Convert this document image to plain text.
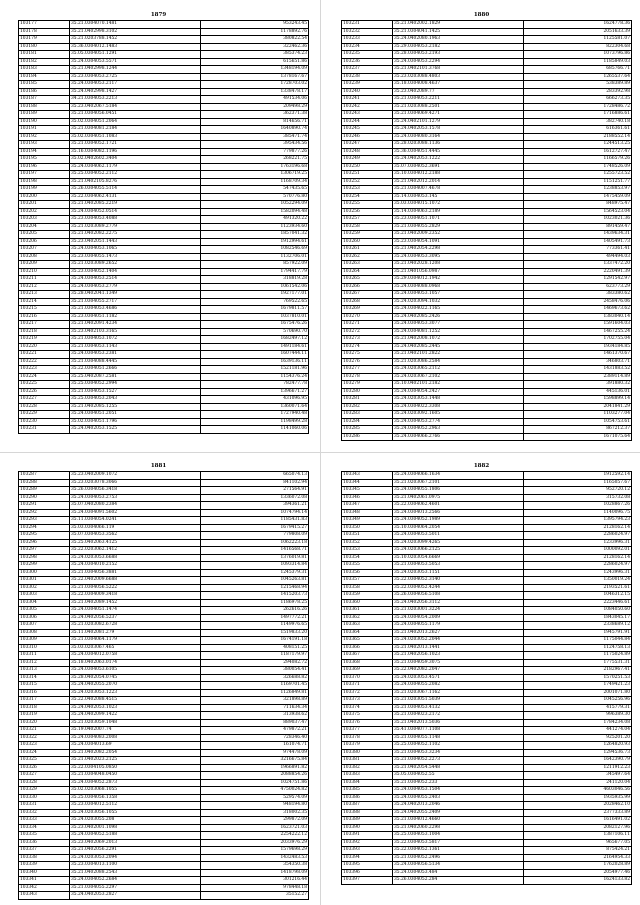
1879
103177	35.21.0304070.1481	953243.45
103178	35.21.0402998.3102	1178892.76
103179	35.21.0203788.1452	380822.54
103180	35.36.0304012.1483	322462.36
103181	35.05.0304051.1291	385374.23
103182	35.24.0304053.5571	615651.86
103183	35.21.0402998.1244	1348194.09
103184	35.23.0304053.2725	1378167.67
103185	35.24.0304053.2117	1728703.02
103186	35.24.0402998.1427	1338478.17
103187	34.21.0304053.2213	491534.06
103188	35.23.0402067.5184	209498.29
103189	35.21.0304056.0451	362371.38
103190	35.02.0304051.2064	814656.71
103191	35.21.0304081.2184	1640890.74
103192	35.02.0304051.1083	385471.74
103193	35.21.0304052.1721	395434.56
103194	35.16.0304082.1196	779877.26
103195	35.02.0402602.3404	268221.75
103196	35.24.0304062.1179	1763196.68
103197	35.25.0304052.2112	1306719.25
103198	35.21.0402105.8276	1168709.34
103199	35.26.0304055.5114	547435.65
103200	35.22.0304062.4131	570776.80
103201	35.21.0402085.2219	1052294.09
103202	35.24.0304052.0514	1582094.48
103203	35.23.0304053.4088	491320.22
103204	35.21.0203089.2779	1123934.60
103205	35.21.0402082.2275	1857041.32
103206	35.23.0402051.1443	1912994.61
103207	35.24.0304053.1065	1082546.69
103208	35.23.0304055.1473	1132706.01
103209	35.21.0203089.2652	857922.09
103210	35.23.0304052.1404	1794417.79
103211	35.24.0304053.2514	318819.28
103212	35.24.0304053.2779	1061542.06
103213	35.28.0402041.1349	1927177.01
103214	35.21.0304055.2717	769522.65
103215	35.21.0304053.4686	1679811.57
103216	35.23.0304051.1182	1037810.01
103217	35.21.0402091.4234	1675476.26
103218	35.23.0402103.3165	570690.70
103219	35.21.0304053.1072	1682497.12
103220	35.21.0304053.1143	1491184.61
103221	35.24.0304053.2381	1607444.11
103222	35.21.0304088.4445	1639136.11
103223	35.22.0304051.2666	1521181.96
103224	35.25.0402087.2581	1154376.24
103225	35.25.0304052.2994	782477.78
103226	35.21.0304053.1527	1396671.27
103227	35.25.0304053.2043	431096.95
103228	35.21.0402085.1255	1360071.64
103229	35.24.0304051.2051	1727940.48
103230	35.02.0304051.1796	1198499.28
103231	35.24.0402053.1525	1141060.06
1880
103231	35.21.0402002.1829	1624778.36
103232	35.21.0304041.1425	2051633.39
103233	35.24.0402080.1963	1125581.07
103234	35.29.0304053.2182	822304.68
103235	35.28.0304053.2193	1073796.86
103236	35.24.0304053.2294	1185849.03
103237	35.21.0402101.3768	685766.71
103238	35.23.0203088.4803	1265537.64
103239	35.18.0304008.4637	538389.89
103240	35.23.0402089.77	283392.98
103241	35.21.0304053.2211	666273.35
103242	35.21.0203088.2501	1728486.72
103243	35.21.0304069.4271	1716886.61
103244	35.24.0402101.1279	382740.18
103245	35.24.0402053.1578	616361.61
103246	35.24.0304080.3164	2188552.14
103247	35.28.0203088.1136	1244513.25
103248	35.36.0304051.4445	1612727.47
103249	35.24.0402053.1222	1166579.26
103250	35.07.0304052.3691	1748526.09
103251	35.10.0304012.2188	1255723.52
103252	35.21.0402012.2014	1151251.77
103253	35.21.0304007.4678	1238853.97
103254	35.14.0304053.145	1475459.09
103255	35.03.0304015.1072	848975.47
103256	35.14.0304063.2189	1564523.04
103257	35.23.0304051.1071	1023021.36
103258	35.21.0304055.2829	891459.47
103259	35.21.0402009.2352	1439634.31
103260	35.23.0304054.1091	1405491.73
103261	35.21.0402054.2298	773361.41
103262	35.24.0304053.3095	494494.03
103263	35.21.0402028.1208	1337472.20
103264	35.21.0401056.0987	2220491.39
103265	35.29.0304012.1942	1291542.97
103266	35.24.0304088.0968	623773.29
103267	35.24.0304053.1057	383380.62
103268	35.24.0203094.1032	2458476.06
103269	35.24.0304022.1165	1469673.62
103270	35.24.0402085.2426	1383040.14
103271	35.24.0304053.3077	1591604.03
103272	35.24.0304081.1252	1467255.24
103273	35.21.0402008.1072	1702755.04
103274	35.24.0402085.2445	1934184.85
103275	35.21.0402101.2822	1461370.67
103276	35.21.0203086.2584	346803.71
103277	35.24.0203065.2112	1431883.52
103278	35.24.0203067.2102	2389114.89
103279	35.10.0402101.2182	391880.32
103280	35.24.0304054.2427	445136.01
103281	35.24.0203053.1448	1598899.14
103282	35.24.0304022.3308	2041841.29
103283	35.24.0203092.1605	1103277.04
103284	35.24.0304053.2774	1054753.61
103285	35.24.0304052.2963	867212.37
103286	35.24.0304066.2766	1671075.64
1881
103287	35.23.0402009.1072	665074.13
103288	35.23.0203078.3066	841102.94
103289	35.26.0304056.3418	271564.91
103290	35.24.0304053.2753	1336072.08
103291	35.07.0402080.2384	394361.21
103292	35.24.0304091.5602	1074794.14
103293	35.11.0304054.0241	1185431.83
103294	35.03.0304066.119	1679415.27
103295	35.07.0304053.3562	779808.09
103296	35.25.0402063.4125	1062223.18
103297	35.22.0203062.1412	1416568.71
103298	35.24.0203053.6688	1376019.81
103299	35.24.0304010.2152	1093314.84
103300	35.21.0304056.3881	1245379.31
103301	35.22.0402009.6688	1045263.81
103302	35.21.0304056.5222	1215468.94
103303	35.22.0304009.3418	1415203.73
103304	35.21.0402089.1452	1186978.25
103305	35.24.0304051.1474	262616.26
103306	35.24.0402056.5237	1497772.21
103307	35.21.0203082.6728	1149976.65
103308	35.11.0402081.279	1519833.20
103309	35.21.0304064.1179	1674191.18
103310	35.03.0203067.465	408151.25
103311	35.24.0304012.0758	1187179.97
103312	35.18.0402063.0174	294082.72
103313	35.24.0304053.6105	380054.41
103314	35.28.0402054.0745	326688.82
103315	35.24.0402055.2070	1169701.45
103316	35.24.0203053.1223	1126849.81
103317	35.22.0402088.4515	321898.89
103318	35.24.0402053.1023	711634.34
103319	35.24.0402099.1422	313938.62
103320	35.21.0203059.1048	889037.47
103321	35.19.0402007.74	479872.21
103322	35.24.0304083.2008	728346.40
103323	35.24.0304013.69	161074.71
103324	35.21.0402082.2054	974478.09
103325	35.21.0402023.2125	3216675.84
103326	35.22.0304105.0850	1966891.82
103327	35.21.0304048.0450	2088854.26
103328	35.24.0304052.2873	1024751.86
103329	35.02.0203068.1055	4750024.82
103330	35.25.0304056.1358	529574.09
103331	35.23.0304012.5112	948194.80
103332	35.24.0203056.1055	318002.35
103333	35.24.0203055.208	299872.09
103334	35.23.0402001.1098	1623721.03
103335	35.24.0304052.5188	2254222.12
103336	35.23.0402069.2013	2033976.29
103337	35.21.0402056.2291	1579698.29
103338	35.24.0203053.2094	1432483.53
103339	35.23.0304013.1100	354350.38
103340	35.21.0402088.2543	1418798.09
103341	35.24.0304052.2684	301216.44
103342	35.21.0304055.2297	978448.18
103343	35.24.0402053.2827	35152.27
1882
103343	35.24.0304066.1634	1912592.14
103344	35.21.0203067.2101	1165057.67
103345	35.24.0304055.1806	952720.12
103346	35.21.0402061.0975	315732.08
103347	35.22.0304062.4601	1028867.26
103348	35.24.0304013.2566	1140096.75
103349	35.24.0304052.1989	1395794.23
103350	35.10.0304064.2054	2128162.14
103351	35.24.0304053.5011	2286024.97
103352	35.24.0203099.4265	1233996.31
103353	35.24.0203066.2125	1000092.01
103354	35.10.0203054.6669	2128162.14
103355	35.21.0304053.5053	2286024.97
103356	35.24.0203053.1151	1243996.31
103357	35.22.0304052.3140	1350019.24
103358	35.22.0304052.4244	2193521.61
103359	35.26.0304056.5108	1046312.15
103360	35.24.0402056.3112	2223446.61
103361	35.21.0203001.3224	1084050.60
103362	35.24.0304054.2009	1843045.17
103363	35.24.0304055.1179	2338689.12
103364	35.21.0402013.2627	1945791.91
103365	35.24.0203052.2044	1175044.84
103366	35.21.0402013.1441	1124758.13
103367	35.21.0402056.1023	1175024.89
103368	35.21.0304059.3075	1775531.31
103369	35.22.0402082.2047	2182967.41
103370	35.24.0203053.4571	1570251.53
103371	35.24.0304055.2082	1749421.23
103372	35.21.0203067.1162	2001071.80
103373	35.21.0203051.5039	1045256.96
103374	35.21.0304053.4132	415779.31
103375	35.21.0304023.2172	996389.30
103376	35.21.0402013.5036	1784234.08
103377	35.41.0304077.1108	441274.04
103378	35.21.0304055.1148	925201.20
103379	35.25.0304052.1102	1264820.93
103380	35.21.0304053.3234	1294536.73
103381	35.21.0304052.2273	1642390.79
103382	35.21.0402054.5448	1211912.23
103383	35.05.0304052.55	345497.64
103384	35.21.0304052.233	241120.04
103385	35.24.0304053.1504	4603046.56
103386	35.24.0304055.2403	1935935.99
103387	35.24.0402013.2046	2028462.10
103388	35.24.0402055.2409	2377333.89
103389	35.21.0304012.4660	1616491.02
103390	35.21.0402060.2298	2082127.96
103391	35.25.0304053.1004	1387106.11
103392	35.22.0304053.5817	965677.05
103393	35.22.0304052.1361	875424.21
103394	35.21.0304052.2496	2164954.33
103395	35.24.0304056.5134	1762028.89
103396	35.24.0304053.484	2054977.46
103397	35.26.0304052.284	1624133.82
